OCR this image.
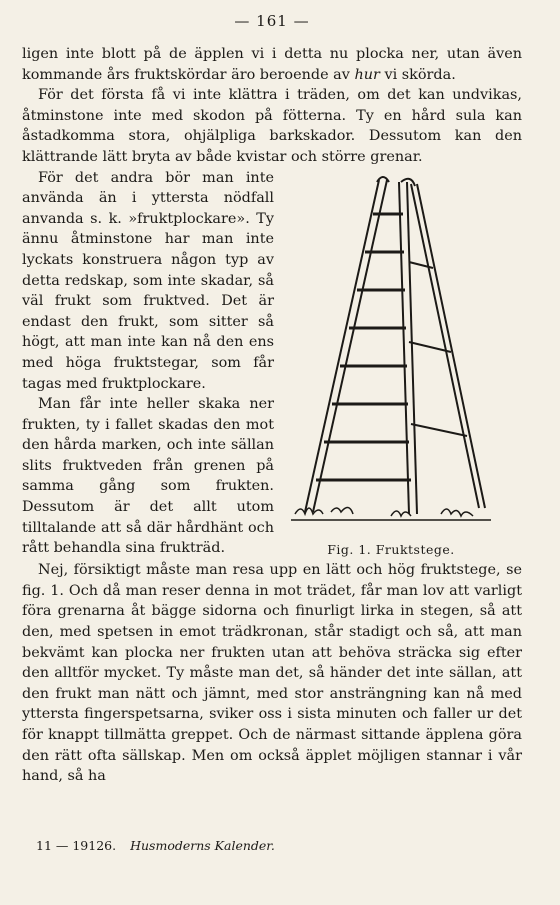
— 161 —

ligen inte blott på de äpplen vi i detta nu plocka ner, utan även kommande års fruktskördar äro beroende av hur vi skörda.

För det första få vi inte klättra i träden, om det kan undvikas, åtminstone inte med skodon på fötterna. Ty en hård sula kan åstadkomma stora, ohjälpliga barkskador. Dessutom kan den klättrande lätt bryta av både kvistar och större grenar.

För det andra bör man inte använda än i yttersta nödfall anvanda s. k. »fruktplockare». Ty ännu åtminstone har man inte lyckats konstruera någon typ av detta redskap, som inte skadar, så väl frukt som fruktved. Det är endast den frukt, som sitter så högt, att man inte kan nå den ens med höga fruktstegar, som får tagas med fruktplockare.

Man får inte heller skaka ner frukten, ty i fallet skadas den mot den hårda marken, och inte sällan slits fruktveden från grenen på samma gång som frukten. Dessutom är det allt utom tilltalande att så där hårdhänt och rått behandla sina frukträd.	Fig. 1. Fruktstege.

Nej, försiktigt måste man resa upp en lätt och hög fruktstege, se fig. 1. Och då man reser denna in mot trädet, får man lov att varligt föra grenarna åt bägge sidorna och finurligt lirka in stegen, så att den, med spetsen in emot trädkronan, står stadigt och så, att man bekvämt kan plocka ner frukten utan att behöva sträcka sig efter den alltför mycket. Ty måste man det, så händer det inte sällan, att den frukt man nätt och jämnt, med stor ansträngning kan nå med yttersta fingerspetsarna, sviker oss i sista minuten och faller ur det för knappt tillmätta greppet. Och de närmast sittande äpplena göra den rätt ofta sällskap. Men om också äpplet möjligen stannar i vår hand, så ha

11 — 19126. Husmoderns Kalender.
